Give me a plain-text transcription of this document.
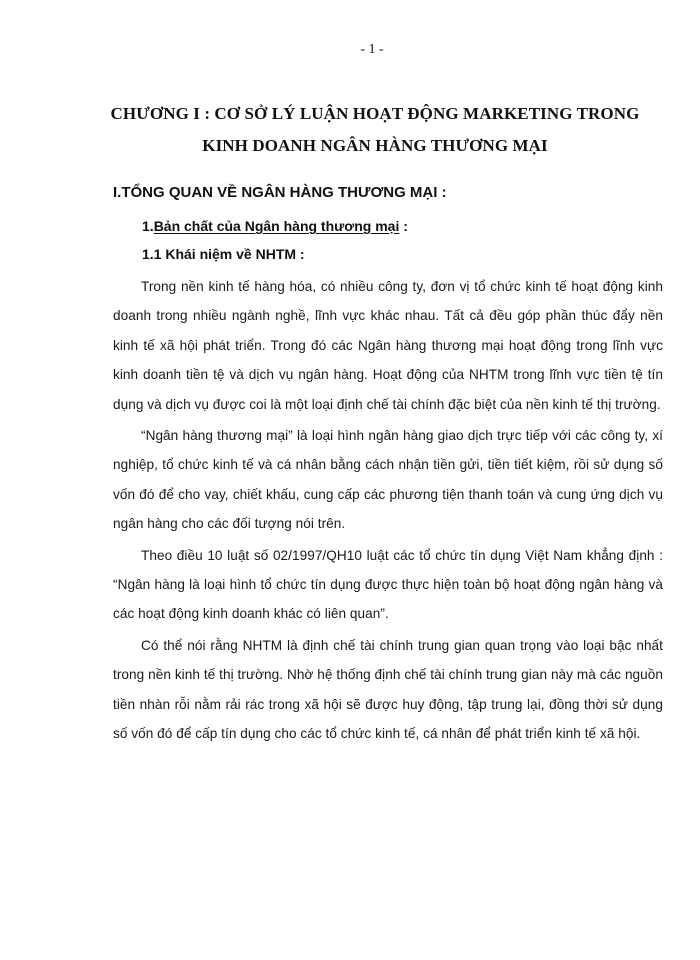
- 1 -
CHƯƠNG I : CƠ SỞ LÝ LUẬN HOẠT ĐỘNG MARKETING TRONG
KINH DOANH NGÂN HÀNG THƯƠNG MẠI
I.TỔNG QUAN VỀ NGÂN HÀNG THƯƠNG MẠI :
1.Bản chất của Ngân hàng thương mại :
1.1 Khái niệm về NHTM :

Trong nền kinh tế hàng hóa, có nhiều công ty, đơn vị tổ chức kinh tế hoạt động kinh doanh trong nhiều ngành nghề, lĩnh vực khác nhau. Tất cả đều góp phần thúc đẩy nền kinh tế xã hội phát triển. Trong đó các Ngân hàng thương mại hoạt động trong lĩnh vực kinh doanh tiền tệ và dịch vụ ngân hàng. Hoạt động của NHTM trong lĩnh vực tiền tệ tín dụng và dịch vụ được coi là một loại định chế tài chính đặc biệt của nền kinh tế thị trường.

“Ngân hàng thương mại” là loại hình ngân hàng giao dịch trực tiếp với các công ty, xí nghiệp, tổ chức kinh tế và cá nhân bằng cách nhận tiền gửi, tiền tiết kiệm, rồi sử dụng số vốn đó để cho vay, chiết khấu, cung cấp các phương tiện thanh toán và cung ứng dịch vụ ngân hàng cho các đối tượng nói trên.

Theo điều 10 luật số 02/1997/QH10 luật các tổ chức tín dụng Việt Nam khẳng định : “Ngân hàng là loại hình tổ chức tín dụng được thực hiện toàn bộ hoạt động ngân hàng và các hoạt động kinh doanh khác có liên quan”.

Có thể nói rằng NHTM là định chế tài chính trung gian quan trọng vào loại bậc nhất trong nền kinh tế thị trường. Nhờ hệ thống định chế tài chính trung gian này mà các nguồn tiền nhàn rỗi nằm rải rác trong xã hội sẽ được huy động, tập trung lại, đồng thời sử dụng số vốn đó để cấp tín dụng cho các tổ chức kinh tế, cá nhân để phát triển kinh tế xã hội.
